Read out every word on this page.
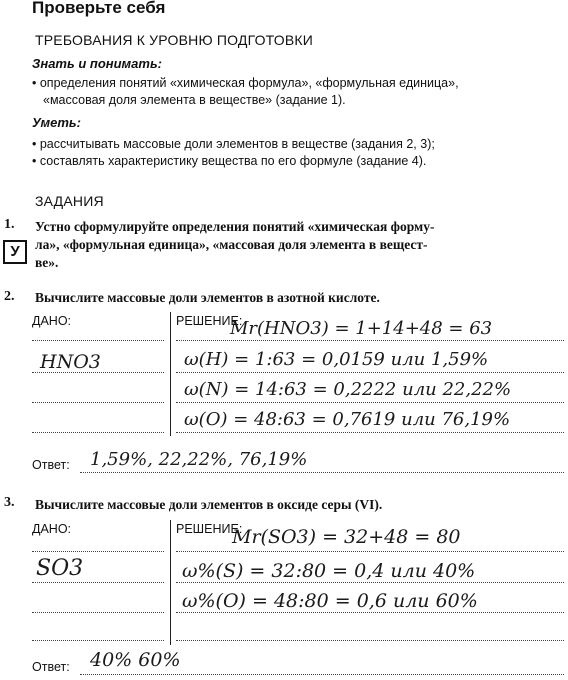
Проверьте себя
ТРЕБОВАНИЯ К УРОВНЮ ПОДГОТОВКИ
Знать и понимать:
• определения понятий «химическая формула», «формульная единица»,
«массовая доля элемента в веществе» (задание 1).
Уметь:
• рассчитывать массовые доли элементов в веществе (задания 2, 3);
• составлять характеристику вещества по его формуле (задание 4).
ЗАДАНИЯ
1.
У
Устно сформулируйте определения понятий «химическая форму-
ла», «формульная единица», «массовая доля элемента в вещест-
ве».
2. Вычислите массовые доли элементов в азотной кислоте.
ДАНО:	РЕШЕНИЕ:
HNO3
Mr(HNO3) = 1+14+48 = 63
ω(H) = 1:63 = 0,0159 или 1,59%
ω(N) = 14:63 = 0,2222 или 22,22%
ω(O) = 48:63 = 0,7619 или 76,19%
Ответ: 1,59%, 22,22%, 76,19%
3. Вычислите массовые доли элементов в оксиде серы (VI).
ДАНО:	РЕШЕНИЕ:
SO3
Mr(SO3) = 32+48 = 80
ω%(S) = 32:80 = 0,4 или 40%
ω%(O) = 48:80 = 0,6 или 60%
Ответ: 40% 60%
